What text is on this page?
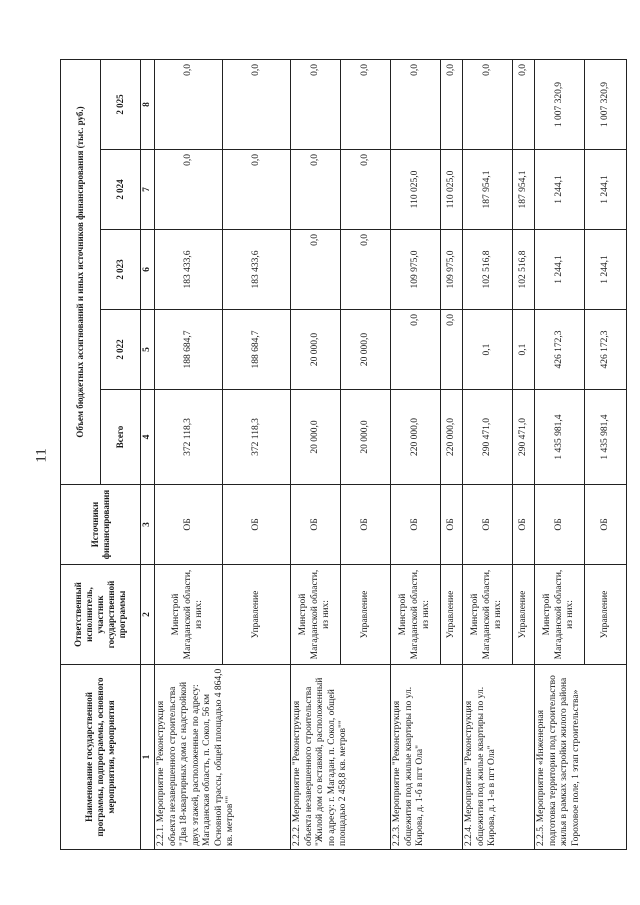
11
Наименование государственной программы, подпрограммы, основного мероприятия, мероприятия	Ответственный исполнитель, участник государственной программы	Источники финансирования	Объем бюджетных ассигнований и иных источников финансирования (тыс. руб.)				
			Всего	2 022	2 023	2 024	2 025
1	2	3	4	5	6	7	8
2.2.1. Мероприятие "Реконструкция объекта незавершенного строительства "Два 18-квартирных дома с надстройкой двух этажей, расположенные по адресу: Магаданская область, п. Сокол, 56 км Основной трассы, общей площадью 4 864,0 кв. метров""	Минстрой Магаданской области, из них:	ОБ	372 118,3	188 684,7	183 433,6	0,0	0,0
	Управление	ОБ	372 118,3	188 684,7	183 433,6	0,0	0,0
2.2.2. Мероприятие "Реконструкция объекта незавершенного строительства "Жилой дом со вставкой, расположенный по адресу: г. Магадан, п. Сокол, общей площадью 2 458,8 кв. метров""	Минстрой Магаданской области, из них:	ОБ	20 000,0	20 000,0	0,0	0,0	0,0
	Управление	ОБ	20 000,0	20 000,0	0,0	0,0	0,0
2.2.3. Мероприятие "Реконструкция общежития под жилые квартиры по ул. Кирова, д. 1-б в пгт Ола"	Минстрой Магаданской области, из них:	ОБ	220 000,0	0,0	109 975,0	110 025,0	0,0
	Управление	ОБ	220 000,0	0,0	109 975,0	110 025,0	0,0
2.2.4. Мероприятие "Реконструкция общежития под жилые квартиры по ул. Кирова, д. 1-в в пгт Ола"	Минстрой Магаданской области, из них:	ОБ	290 471,0	0,1	102 516,8	187 954,1	0,0
	Управление	ОБ	290 471,0	0,1	102 516,8	187 954,1	0,0
2.2.5. Мероприятие «Инженерная подготовка территории под строительство жилья в рамках застройки жилого района Гороховое поле, 1 этап строительства»	Минстрой Магаданской области, из них:	ОБ	1 435 981,4	426 172,3	1 244,1	1 244,1	1 007 320,9
	Управление	ОБ	1 435 981,4	426 172,3	1 244,1	1 244,1	1 007 320,9
